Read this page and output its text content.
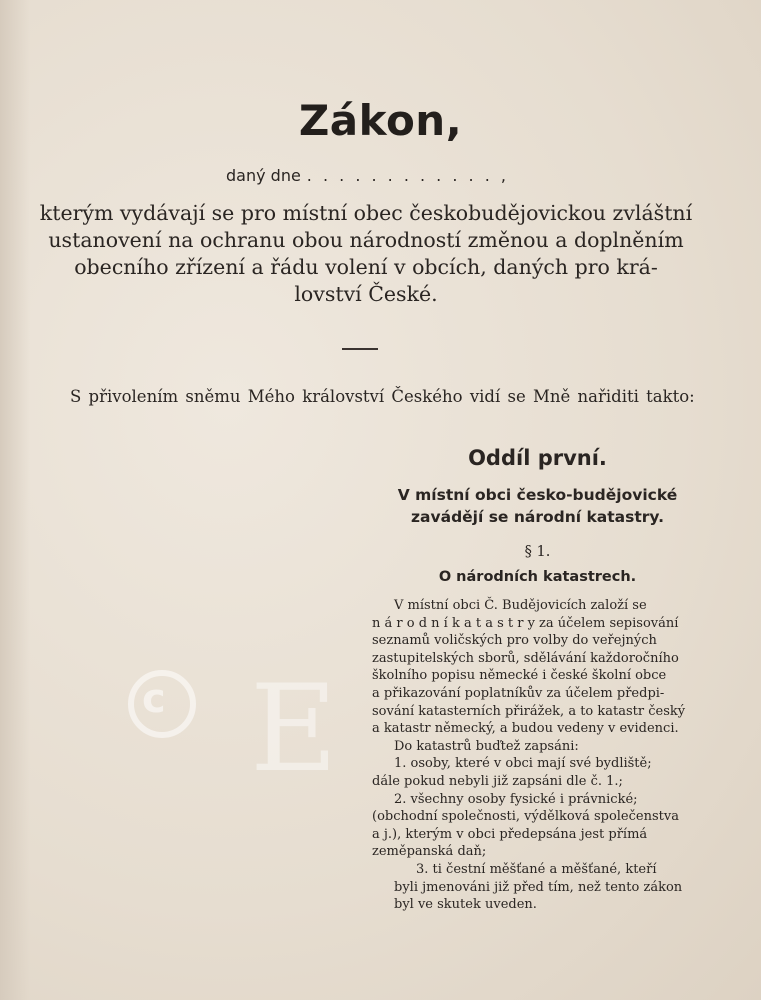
Zákon,
daný dne . . . . . . . . . . . . ,
kterým vydávají se pro místní obec českobudějovickou zvláštní
ustanovení na ochranu obou národností změnou a doplněním
obecního zřízení a řádu volení v obcích, daných pro krá-
lovství České.
S přivolením sněmu Mého království Českého vidí se Mně nařiditi takto:
Oddíl první.
V místní obci česko-budějovické
zavádějí se národní katastry.
§ 1.
O národních katastrech.
V místní obci Č. Budějovicích založí se
n á r o d n í k a t a s t r y za účelem sepisování
seznamů voličských pro volby do veřejných
zastupitelských sborů, sdělávání každoročního
školního popisu německé i české školní obce
a přikazování poplatníkův za účelem předpi-
sování katasterních přirážek, a to katastr český
a katastr německý, a budou vedeny v evidenci.
Do katastrů buďtež zapsáni:
1. osoby, které v obci mají své bydliště;
dále pokud nebyli již zapsáni dle č. 1.;
2. všechny osoby fysické i právnické;
(obchodní společnosti, výdělková společenstva
a j.), kterým v obci předepsána jest přímá
zeměpanská daň;
3. ti čestní měšťané a měšťané, kteří
byli jmenováni již před tím, než tento zákon
byl ve skutek uveden.
c E
